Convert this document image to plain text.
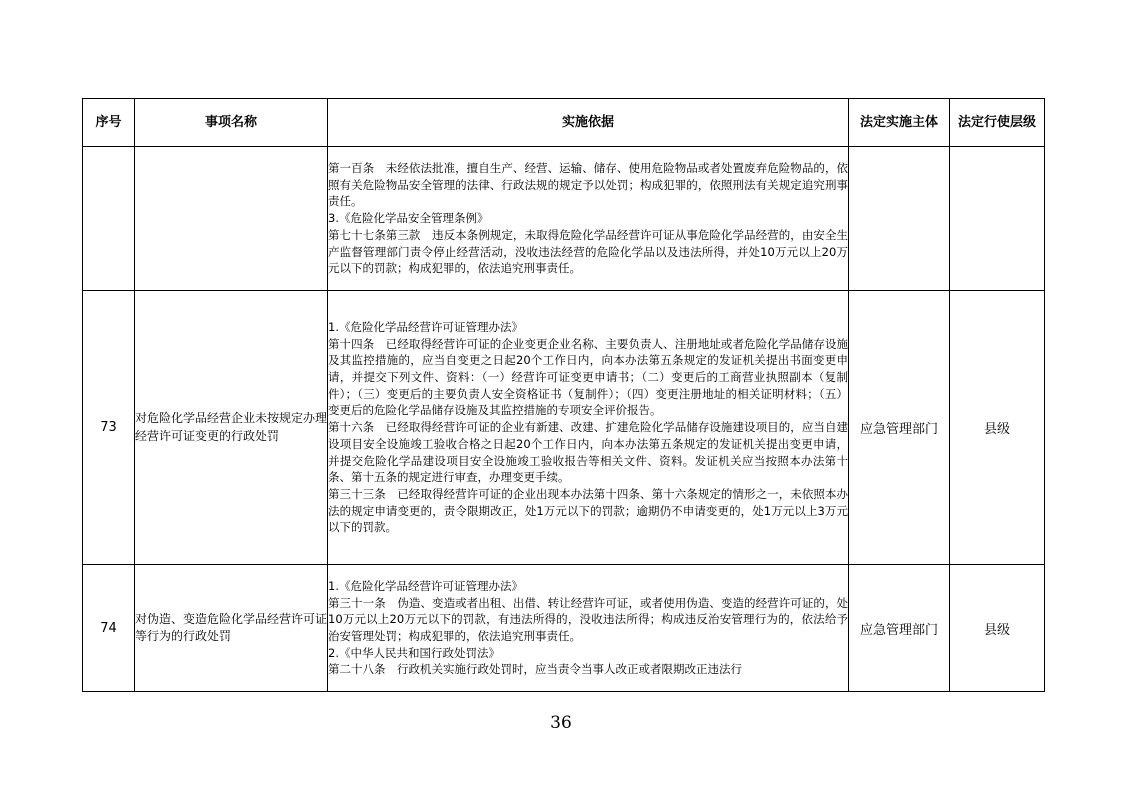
序号	事项名称	实施依据	法定实施主体	法定行使层级

		第一百条　未经依法批准，擅自生产、经营、运输、储存、使用危险物品或者处置废弃危险物品的，依照有关危险物品安全管理的法律、行政法规的规定予以处罚；构成犯罪的，依照刑法有关规定追究刑事责任。

3.《危险化学品安全管理条例》

第七十七条第三款　违反本条例规定，未取得危险化学品经营许可证从事危险化学品经营的，由安全生产监督管理部门责令停止经营活动，没收违法经营的危险化学品以及违法所得，并处10万元以上20万元以下的罚款；构成犯罪的，依法追究刑事责任。		

73	对危险化学品经营企业未按规定办理经营许可证变更的行政处罚	1.《危险化学品经营许可证管理办法》

第十四条　已经取得经营许可证的企业变更企业名称、主要负责人、注册地址或者危险化学品储存设施及其监控措施的，应当自变更之日起20个工作日内，向本办法第五条规定的发证机关提出书面变更申请，并提交下列文件、资料：（一）经营许可证变更申请书；（二）变更后的工商营业执照副本（复制件）；（三）变更后的主要负责人安全资格证书（复制件）；（四）变更注册地址的相关证明材料；（五）变更后的危险化学品储存设施及其监控措施的专项安全评价报告。

第十六条　已经取得经营许可证的企业有新建、改建、扩建危险化学品储存设施建设项目的，应当自建设项目安全设施竣工验收合格之日起20个工作日内，向本办法第五条规定的发证机关提出变更申请，并提交危险化学品建设项目安全设施竣工验收报告等相关文件、资料。发证机关应当按照本办法第十条、第十五条的规定进行审查，办理变更手续。

第三十三条　已经取得经营许可证的企业出现本办法第十四条、第十六条规定的情形之一，未依照本办法的规定申请变更的，责令限期改正，处1万元以下的罚款；逾期仍不申请变更的，处1万元以上3万元以下的罚款。	应急管理部门	县级
74	对伪造、变造危险化学品经营许可证等行为的行政处罚	1.《危险化学品经营许可证管理办法》

第三十一条　伪造、变造或者出租、出借、转让经营许可证，或者使用伪造、变造的经营许可证的，处10万元以上20万元以下的罚款，有违法所得的，没收违法所得；构成违反治安管理行为的，依法给予治安管理处罚；构成犯罪的，依法追究刑事责任。

2.《中华人民共和国行政处罚法》

第二十八条　行政机关实施行政处罚时，应当责令当事人改正或者限期改正违法行	应急管理部门	县级
36
